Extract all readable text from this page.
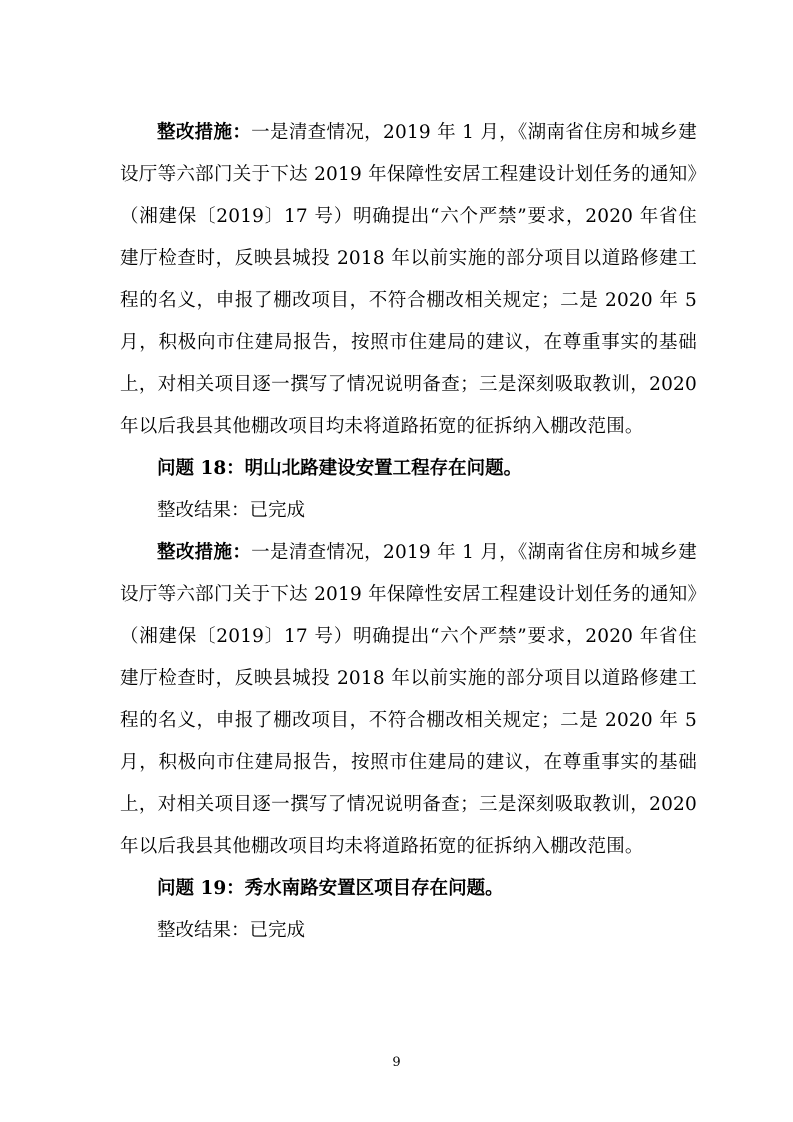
整改措施：一是清查情况，2019 年 1 月，《湖南省住房和城乡建设厅等六部门关于下达 2019 年保障性安居工程建设计划任务的通知》（湘建保〔2019〕17 号）明确提出“六个严禁”要求，2020 年省住建厅检查时，反映县城投 2018 年以前实施的部分项目以道路修建工程的名义，申报了棚改项目，不符合棚改相关规定；二是 2020 年 5 月，积极向市住建局报告，按照市住建局的建议，在尊重事实的基础上，对相关项目逐一撰写了情况说明备查；三是深刻吸取教训，2020 年以后我县其他棚改项目均未将道路拓宽的征拆纳入棚改范围。

问题 18：明山北路建设安置工程存在问题。

整改结果：已完成

整改措施：一是清查情况，2019 年 1 月，《湖南省住房和城乡建设厅等六部门关于下达 2019 年保障性安居工程建设计划任务的通知》（湘建保〔2019〕17 号）明确提出“六个严禁”要求，2020 年省住建厅检查时，反映县城投 2018 年以前实施的部分项目以道路修建工程的名义，申报了棚改项目，不符合棚改相关规定；二是 2020 年 5 月，积极向市住建局报告，按照市住建局的建议，在尊重事实的基础上，对相关项目逐一撰写了情况说明备查；三是深刻吸取教训，2020 年以后我县其他棚改项目均未将道路拓宽的征拆纳入棚改范围。

问题 19：秀水南路安置区项目存在问题。

整改结果：已完成

9
